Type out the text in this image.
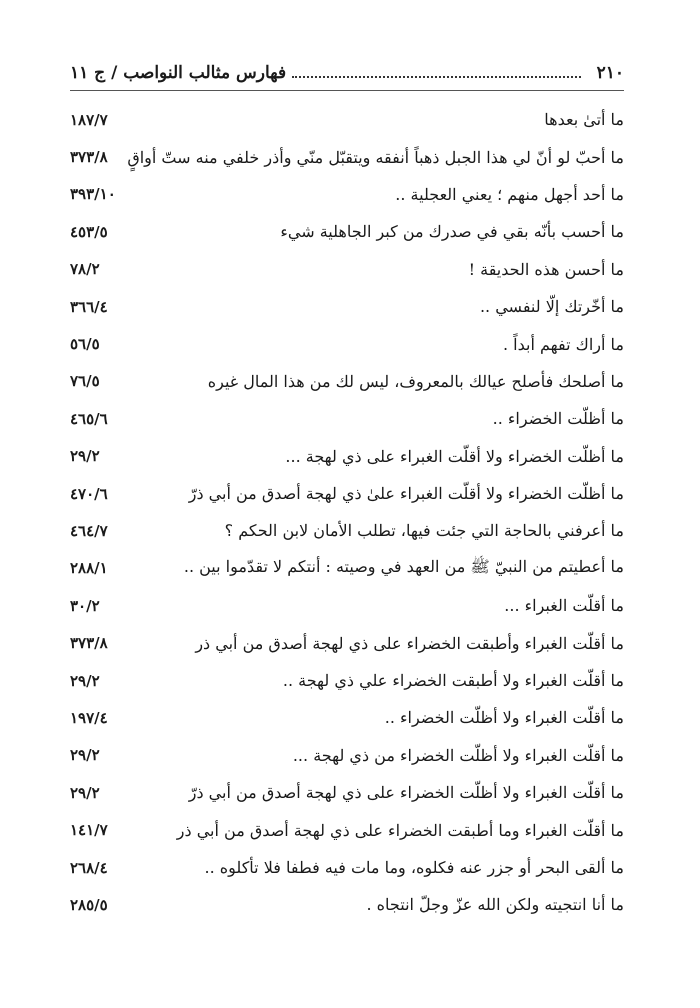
٢١٠
فهارس مثالب النواصب / ج ١١
ما أتىٰ بعدها
١٨٧/٧
ما أحبّ لو أنّ لي هذا الجبل ذهباً أنفقه ويتقبّل منّي وأذر خلفي منه ستّ أواقٍ
٣٧٣/٨
ما أحد أجهل منهم ؛ يعني العجلية ..
٣٩٣/١٠
ما أحسب بأنّه بقي في صدرك من كبر الجاهلية شيء
٤٥٣/٥
ما أحسن هذه الحديقة !
٧٨/٢
ما أخّرتك إلّا لنفسي ..
٣٦٦/٤
ما أراك تفهم أبداً .
٥٦/٥
ما أصلحك فأصلح عيالك بالمعروف، ليس لك من هذا المال غيره
٧٦/٥
ما أظلّت الخضراء ..
٤٦٥/٦
ما أظلّت الخضراء ولا أقلّت الغبراء على ذي لهجة ...
٢٩/٢
ما أظلّت الخضراء ولا أقلّت الغبراء علىٰ ذي لهجة أصدق من أبي ذرّ
٤٧٠/٦
ما أعرفني بالحاجة التي جئت فيها، تطلب الأمان لابن الحكم ؟
٤٦٤/٧
ما أعطيتم من النبيّ ﷺ من العهد في وصيته : أنتكم لا تقدّموا بين ..
٢٨٨/١
ما أقلّت الغبراء ...
٣٠/٢
ما أقلّت الغبراء وأطبقت الخضراء على ذي لهجة أصدق من أبي ذر
٣٧٣/٨
ما أقلّت الغبراء ولا أطبقت الخضراء علي ذي لهجة ..
٢٩/٢
ما أقلّت الغبراء ولا أظلّت الخضراء ..
١٩٧/٤
ما أقلّت الغبراء ولا أظلّت الخضراء من ذي لهجة ...
٢٩/٢
ما أقلّت الغبراء ولا أظلّت الخضراء على ذي لهجة أصدق من أبي ذرّ
٢٩/٢
ما أقلّت الغبراء وما أطبقت الخضراء على ذي لهجة أصدق من أبي ذر
١٤١/٧
ما ألقى البحر أو جزر عنه فكلوه، وما مات فيه فطفا فلا تأكلوه ..
٢٦٨/٤
ما أنا انتجيته ولكن الله عزّ وجلّ انتجاه .
٢٨٥/٥
